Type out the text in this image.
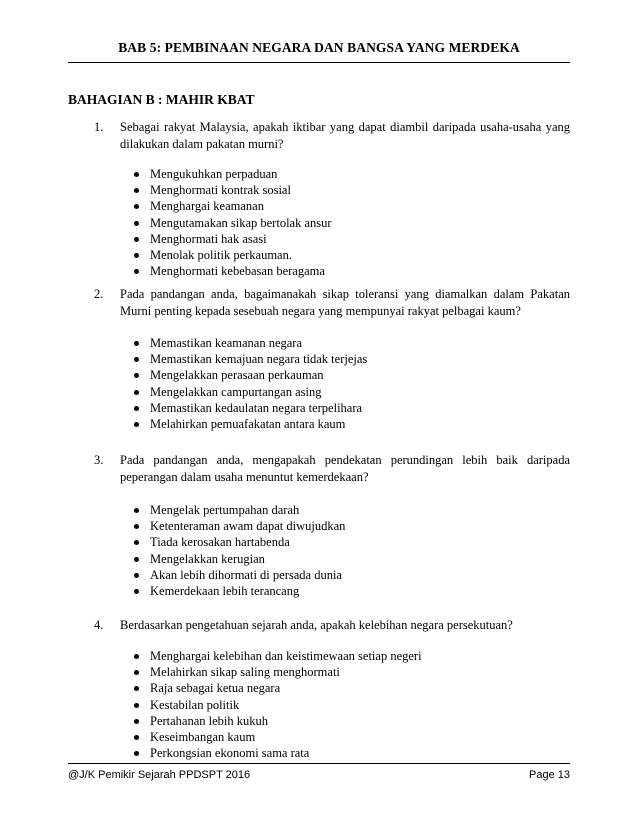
BAB 5: PEMBINAAN NEGARA DAN BANGSA YANG MERDEKA
BAHAGIAN B : MAHIR KBAT
1.	Sebagai rakyat Malaysia, apakah iktibar yang dapat diambil daripada usaha-usaha yang dilakukan dalam pakatan murni?
Mengukuhkan perpaduan
Menghormati kontrak sosial
Menghargai keamanan
Mengutamakan sikap bertolak ansur
Menghormati hak asasi
Menolak politik perkauman.
Menghormati kebebasan beragama
2.	Pada pandangan anda, bagaimanakah sikap toleransi yang diamalkan dalam Pakatan Murni penting kepada sesebuah negara yang mempunyai rakyat pelbagai kaum?
Memastikan keamanan negara
Memastikan kemajuan negara tidak terjejas
Mengelakkan perasaan perkauman
Mengelakkan campurtangan asing
Memastikan kedaulatan negara terpelihara
Melahirkan pemuafakatan antara kaum
3.	Pada pandangan anda, mengapakah pendekatan perundingan lebih baik daripada peperangan dalam usaha menuntut kemerdekaan?
Mengelak pertumpahan darah
Ketenteraman awam dapat diwujudkan
Tiada kerosakan hartabenda
Mengelakkan kerugian
Akan lebih dihormati di persada dunia
Kemerdekaan lebih terancang
4.	Berdasarkan pengetahuan sejarah anda, apakah kelebihan negara persekutuan?
Menghargai kelebihan dan keistimewaan setiap negeri
Melahirkan sikap saling menghormati
Raja sebagai ketua negara
Kestabilan politik
Pertahanan lebih kukuh
Keseimbangan kaum
Perkongsian ekonomi sama rata
@J/K Pemikir Sejarah PPDSPT 2016	Page 13
